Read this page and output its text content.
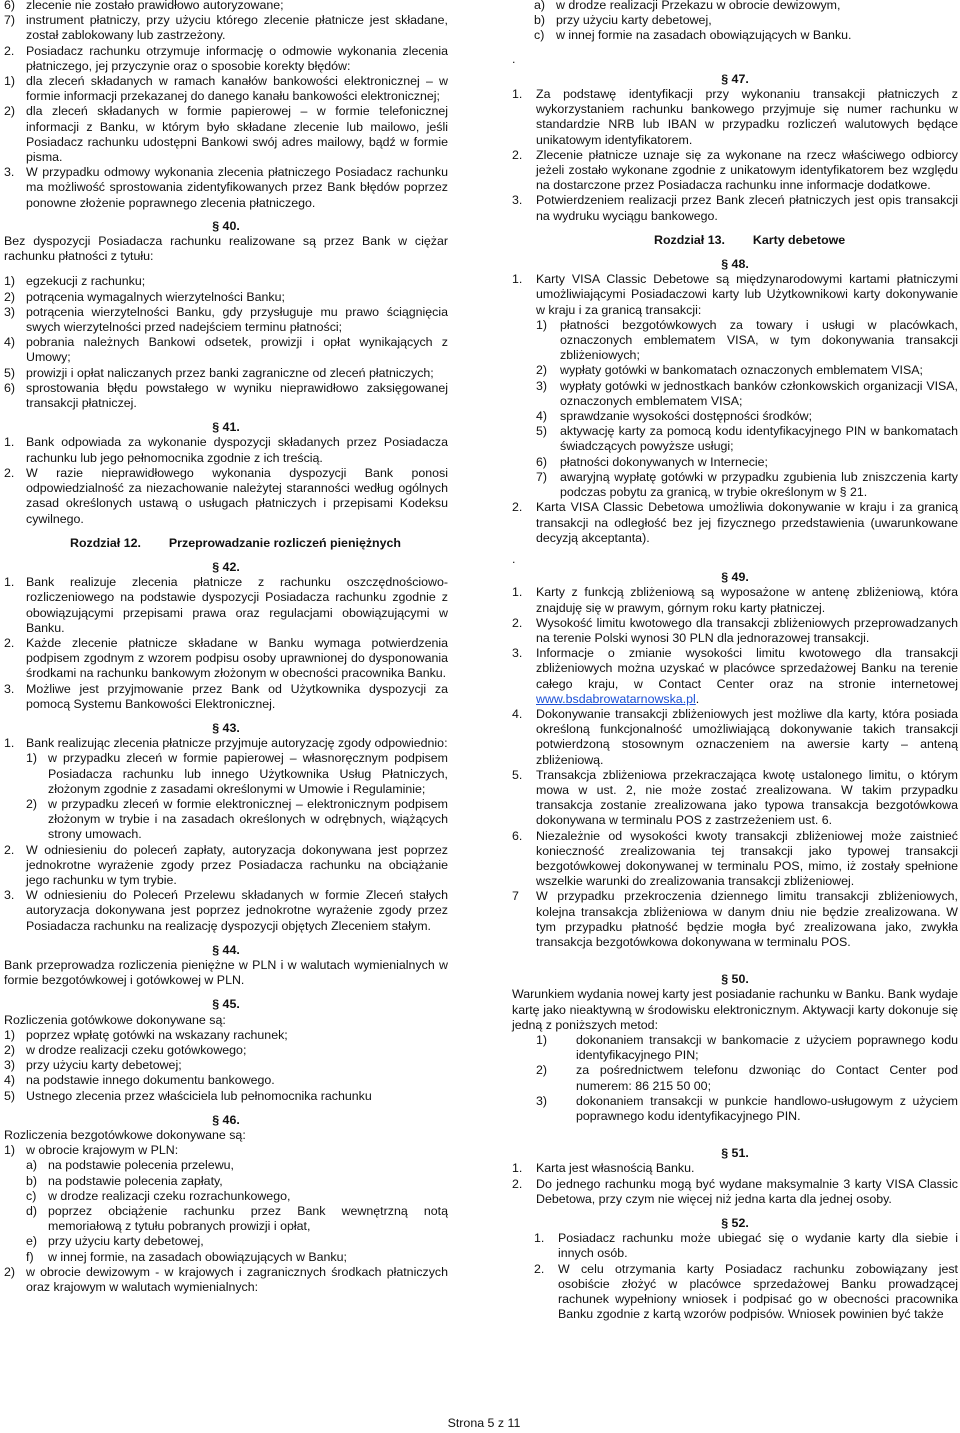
6) zlecenie nie zostało prawidłowo autoryzowane;
7) instrument płatniczy, przy użyciu którego zlecenie płatnicze jest składane, został zablokowany lub zastrzeżony.
2. Posiadacz rachunku otrzymuje informację o odmowie wykonania zlecenia płatniczego, jej przyczynie oraz o sposobie korekty błędów:
1) dla zleceń składanych w ramach kanałów bankowości elektronicznej – w formie informacji przekazanej do danego kanału bankowości elektronicznej;
2) dla zleceń składanych w formie papierowej – w formie telefonicznej informacji z Banku, w którym było składane zlecenie lub mailowo, jeśli Posiadacz rachunku udostępni Bankowi swój adres mailowy, bądź w formie pisma.
3. W przypadku odmowy wykonania zlecenia płatniczego Posiadacz rachunku ma możliwość sprostowania zidentyfikowanych przez Bank błędów poprzez ponowne złożenie poprawnego zlecenia płatniczego.

§ 40.

Bez dyspozycji Posiadacza rachunku realizowane są przez Bank w ciężar rachunku płatności z tytułu:

1) egzekucji z rachunku;
2) potrącenia wymagalnych wierzytelności Banku;
3) potrącenia wierzytelności Banku, gdy przysługuje mu prawo ściągnięcia swych wierzytelności przed nadejściem terminu płatności;
4) pobrania należnych Bankowi odsetek, prowizji i opłat wynikających z Umowy;
5) prowizji i opłat naliczanych przez banki zagraniczne od zleceń płatniczych;
6) sprostowania błędu powstałego w wyniku nieprawidłowo zaksięgowanej transakcji płatniczej.

§ 41.

1. Bank odpowiada za wykonanie dyspozycji składanych przez Posiadacza rachunku lub jego pełnomocnika zgodnie z ich treścią.
2. W razie nieprawidłowego wykonania dyspozycji Bank ponosi odpowiedzialność za niezachowanie należytej staranności według ogólnych zasad określonych ustawą o usługach płatniczych i przepisami Kodeksu cywilnego.

Rozdział 12. Przeprowadzanie rozliczeń pieniężnych

§ 42.

1. Bank realizuje zlecenia płatnicze z rachunku oszczędnościowo-rozliczeniowego na podstawie dyspozycji Posiadacza rachunku zgodnie z obowiązującymi przepisami prawa oraz regulacjami obowiązującymi w Banku.
2. Każde zlecenie płatnicze składane w Banku wymaga potwierdzenia podpisem zgodnym z wzorem podpisu osoby uprawnionej do dysponowania środkami na rachunku bankowym złożonym w obecności pracownika Banku.
3. Możliwe jest przyjmowanie przez Bank od Użytkownika dyspozycji za pomocą Systemu Bankowości Elektronicznej.

§ 43.

1. Bank realizując zlecenia płatnicze przyjmuje autoryzację zgody odpowiednio:
1) w przypadku zleceń w formie papierowej – własnoręcznym podpisem Posiadacza rachunku lub innego Użytkownika Usług Płatniczych, złożonym zgodnie z zasadami określonymi w Umowie i Regulaminie;
2) w przypadku zleceń w formie elektronicznej – elektronicznym podpisem złożonym w trybie i na zasadach określonych w odrębnych, wiążących strony umowach.
2. W odniesieniu do poleceń zapłaty, autoryzacja dokonywana jest poprzez jednokrotne wyrażenie zgody przez Posiadacza rachunku na obciążanie jego rachunku w tym trybie.
3. W odniesieniu do Poleceń Przelewu składanych w formie Zleceń stałych autoryzacja dokonywana jest poprzez jednokrotne wyrażenie zgody przez Posiadacza rachunku na realizację dyspozycji objętych Zleceniem stałym.

§ 44.

Bank przeprowadza rozliczenia pieniężne w PLN i w walutach wymienialnych w formie bezgotówkowej i gotówkowej w PLN.

§ 45.

Rozliczenia gotówkowe dokonywane są:

1) poprzez wpłatę gotówki na wskazany rachunek;
2) w drodze realizacji czeku gotówkowego;
3) przy użyciu karty debetowej;
4) na podstawie innego dokumentu bankowego.
5) Ustnego zlecenia przez właściciela lub pełnomocnika rachunku

§ 46.

Rozliczenia bezgotówkowe dokonywane są:

1) w obrocie krajowym w PLN:
a) na podstawie polecenia przelewu,
b) na podstawie polecenia zapłaty,
c) w drodze realizacji czeku rozrachunkowego,
d) poprzez obciążenie rachunku przez Bank wewnętrzną notą memoriałową z tytułu pobranych prowizji i opłat,
e) przy użyciu karty debetowej,
f)	w innej formie, na zasadach obowiązujących w Banku;
2) w obrocie dewizowym - w krajowych i zagranicznych środkach płatniczych oraz krajowym w walutach wymienialnych:
a) w drodze realizacji Przekazu w obrocie dewizowym,
b) przy użyciu karty debetowej,
c) w innej formie na zasadach obowiązujących w Banku.

.

§ 47.

1.	Za podstawę identyfikacji przy wykonaniu transakcji płatniczych z wykorzystaniem rachunku bankowego przyjmuje się numer rachunku w standardzie NRB lub IBAN w przypadku rozliczeń walutowych będące unikatowym identyfikatorem.
2.	Zlecenie płatnicze uznaje się za wykonane na rzecz właściwego odbiorcy jeżeli zostało wykonane zgodnie z unikatowym identyfikatorem bez względu na dostarczone przez Posiadacza rachunku inne informacje dodatkowe.
3.	Potwierdzeniem realizacji przez Bank zleceń płatniczych jest opis transakcji na wydruku wyciągu bankowego.

Rozdział 13. Karty debetowe

§ 48.

1.	Karty VISA Classic Debetowe są międzynarodowymi kartami płatniczymi umożliwiającymi Posiadaczowi karty lub Użytkownikowi karty dokonywanie w kraju i za granicą transakcji:
1)	płatności bezgotówkowych za towary i usługi w placówkach, oznaczonych emblematem VISA, w tym dokonywania transakcji zbliżeniowych;
2)	wypłaty gotówki w bankomatach oznaczonych emblematem VISA;
3)	wypłaty gotówki w jednostkach banków członkowskich organizacji VISA, oznaczonych emblematem VISA;
4)	sprawdzanie wysokości dostępności środków;
5)	aktywację karty za pomocą kodu identyfikacyjnego PIN w bankomatach świadczących powyższe usługi;
6)	płatności dokonywanych w Internecie;
7)	awaryjną wypłatę gotówki w przypadku zgubienia lub zniszczenia karty podczas pobytu za granicą, w trybie określonym w § 21.
2.	Karta VISA Classic Debetowa umożliwia dokonywanie w kraju i za granicą transakcji na odległość bez jej fizycznego przedstawienia (uwarunkowane decyzją akceptanta).

.

§ 49.

1.	Karty z funkcją zbliżeniową są wyposażone w antenę zbliżeniową, która znajduję się w prawym, górnym roku karty płatniczej.
2.	Wysokość limitu kwotowego dla transakcji zbliżeniowych przeprowadzanych na terenie Polski wynosi 30 PLN dla jednorazowej transakcji.
3.	Informacje o zmianie wysokości limitu kwotowego dla transakcji zbliżeniowych można uzyskać w placówce sprzedażowej Banku na terenie całego kraju, w Contact Center oraz na stronie internetowej www.bsdabrowatarnowska.pl.
4.	Dokonywanie transakcji zbliżeniowych jest możliwe dla karty, która posiada określoną funkcjonalność umożliwiającą dokonywanie takich transakcji potwierdzoną stosownym oznaczeniem na awersie karty – anteną zbliżeniową.
5.	Transakcja zbliżeniowa przekraczająca kwotę ustalonego limitu, o którym mowa w ust. 2, nie może zostać zrealizowana. W takim przypadku transakcja zostanie zrealizowana jako typowa transakcja bezgotówkowa dokonywana w terminalu POS z zastrzeżeniem ust. 6.
6.	Niezależnie od wysokości kwoty transakcji zbliżeniowej może zaistnieć konieczność zrealizowania tej transakcji jako typowej transakcji bezgotówkowej dokonywanej w terminalu POS, mimo, iż zostały spełnione wszelkie warunki do zrealizowania transakcji zbliżeniowej.
7	W przypadku przekroczenia dziennego limitu transakcji zbliżeniowych, kolejna transakcja zbliżeniowa w danym dniu nie będzie zrealizowana. W tym przypadku płatność będzie mogła być zrealizowana jako, zwykła transakcja bezgotówkowa dokonywana w terminalu POS.

§ 50.

Warunkiem wydania nowej karty jest posiadanie rachunku w Banku. Bank wydaje kartę jako nieaktywną w środowisku elektronicznym. Aktywacji karty dokonuje się jedną z poniższych metod:

1)	dokonaniem transakcji w bankomacie z użyciem poprawnego kodu identyfikacyjnego PIN;
2)	za pośrednictwem telefonu dzwoniąc do Contact Center pod numerem: 86 215 50 00;
3)	dokonaniem transakcji w punkcie handlowo-usługowym z użyciem poprawnego kodu identyfikacyjnego PIN.

§ 51.

1.	Karta jest własnością Banku.
2.	Do jednego rachunku mogą być wydane maksymalnie 3 karty VISA Classic Debetowa, przy czym nie więcej niż jedna karta dla jednej osoby.

§ 52.

1.	Posiadacz rachunku może ubiegać się o wydanie karty dla siebie i innych osób.
2.	W celu otrzymania karty Posiadacz rachunku zobowiązany jest osobiście złożyć w placówce sprzedażowej Banku prowadzącej rachunek wypełniony wniosek i podpisać go w obecności pracownika Banku zgodnie z kartą wzorów podpisów. Wniosek powinien być także
Strona 5 z 11
